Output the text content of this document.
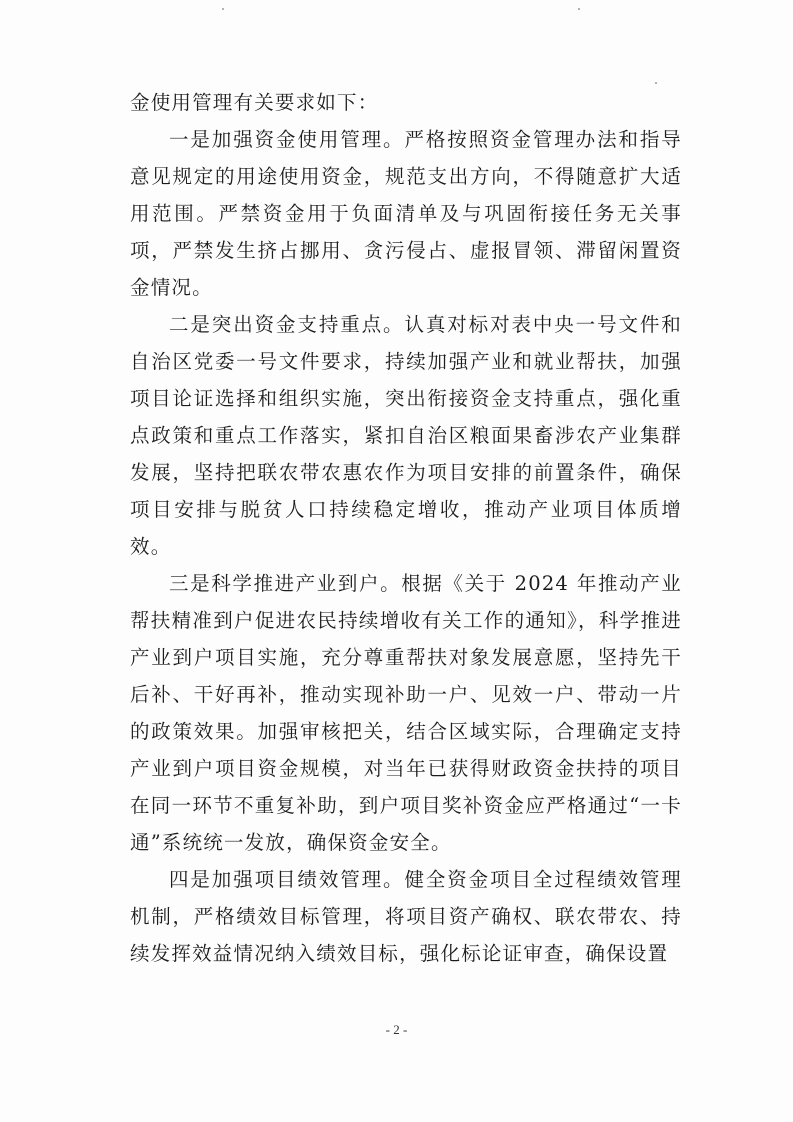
金使用管理有关要求如下：

一是加强资金使用管理。严格按照资金管理办法和指导意见规定的用途使用资金，规范支出方向，不得随意扩大适用范围。严禁资金用于负面清单及与巩固衔接任务无关事项，严禁发生挤占挪用、贪污侵占、虚报冒领、滞留闲置资金情况。

二是突出资金支持重点。认真对标对表中央一号文件和自治区党委一号文件要求，持续加强产业和就业帮扶，加强项目论证选择和组织实施，突出衔接资金支持重点，强化重点政策和重点工作落实，紧扣自治区粮面果畜涉农产业集群发展，坚持把联农带农惠农作为项目安排的前置条件，确保项目安排与脱贫人口持续稳定增收，推动产业项目体质增效。

三是科学推进产业到户。根据《关于 2024 年推动产业帮扶精准到户促进农民持续增收有关工作的通知》，科学推进产业到户项目实施，充分尊重帮扶对象发展意愿，坚持先干后补、干好再补，推动实现补助一户、见效一户、带动一片的政策效果。加强审核把关，结合区域实际，合理确定支持产业到户项目资金规模，对当年已获得财政资金扶持的项目在同一环节不重复补助，到户项目奖补资金应严格通过“一卡通”系统统一发放，确保资金安全。

四是加强项目绩效管理。健全资金项目全过程绩效管理机制，严格绩效目标管理，将项目资产确权、联农带农、持续发挥效益情况纳入绩效目标，强化标论证审查，确保设置

- 2 -
